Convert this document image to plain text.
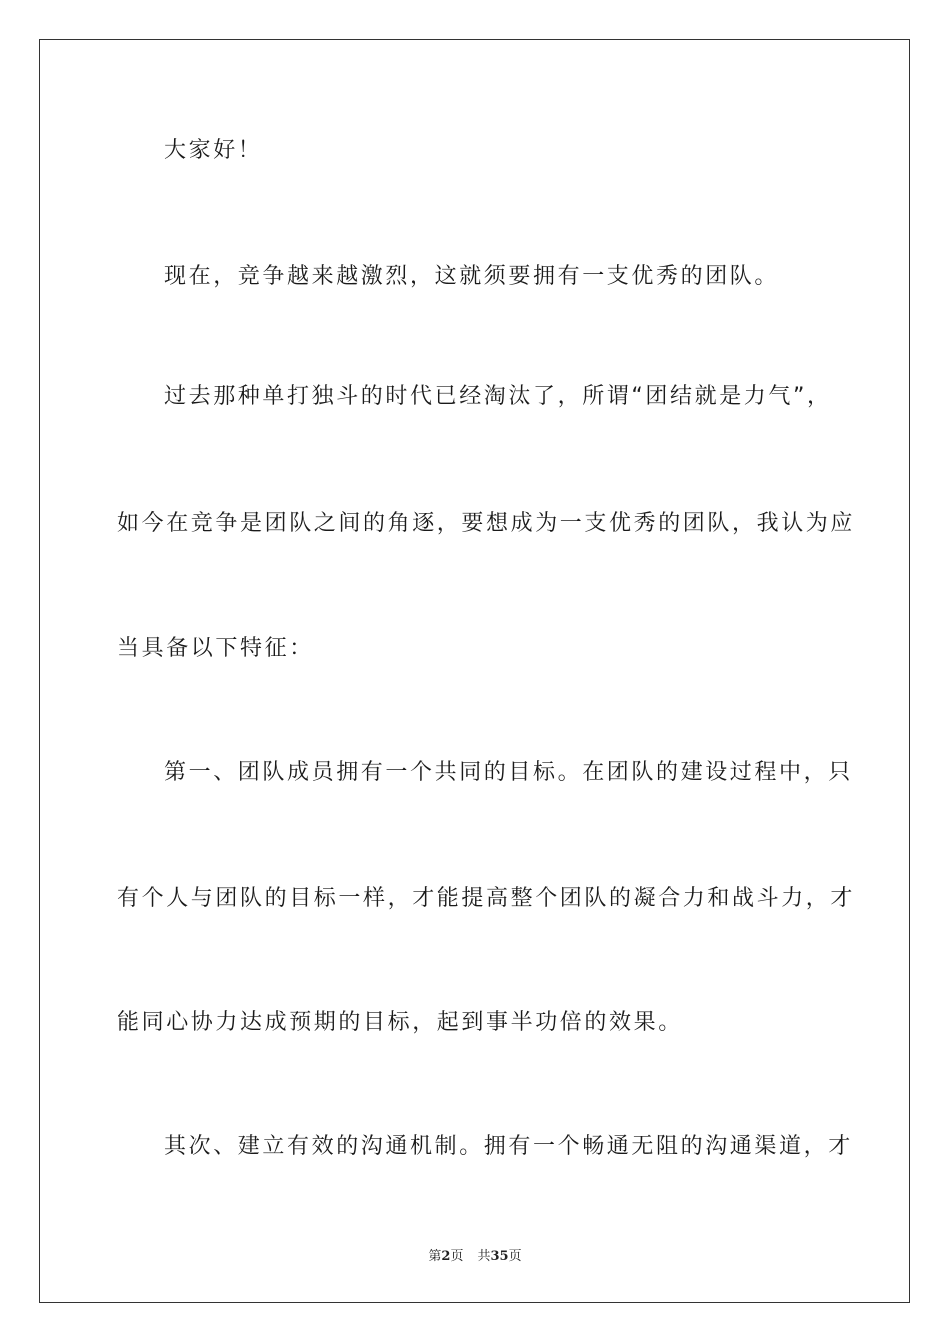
大家好！
现在，竞争越来越激烈，这就须要拥有一支优秀的团队。
过去那种单打独斗的时代已经淘汰了，所谓“团结就是力气”，
如今在竞争是团队之间的角逐，要想成为一支优秀的团队，我认为应
当具备以下特征：
第一、团队成员拥有一个共同的目标。在团队的建设过程中，只
有个人与团队的目标一样，才能提高整个团队的凝合力和战斗力，才
能同心协力达成预期的目标，起到事半功倍的效果。
其次、建立有效的沟通机制。拥有一个畅通无阻的沟通渠道，才
第2页 共35页
